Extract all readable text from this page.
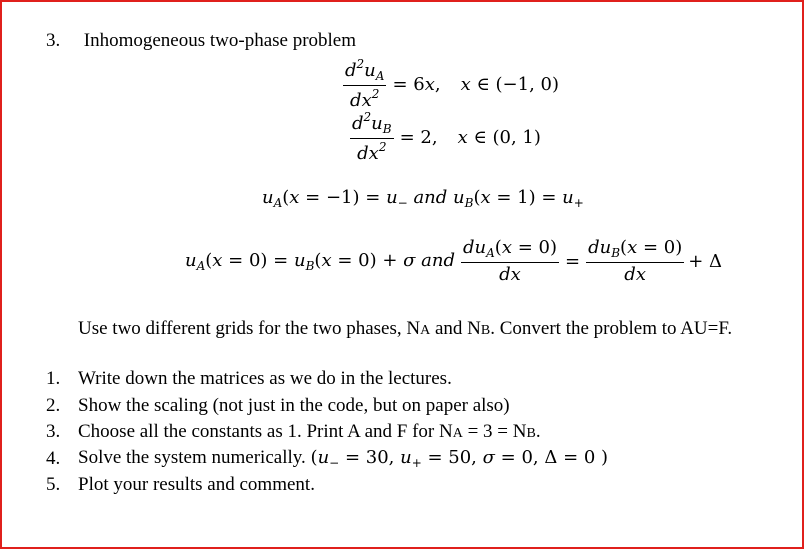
3. Inhomogeneous two-phase problem
$\frac{d^2u_A}{dx^2} = 6x$, x ∈ (−1, 0)
$\frac{d^2u_B}{dx^2} = 2$, x ∈ (0, 1)
$u_A(x = -1) = u_-$ and $u_B(x = 1) = u_+$
$u_A(x = 0) = u_B(x = 0) + \sigma$ and $\frac{du_A(x = 0)}{dx} = \frac{du_B(x = 0)}{dx} + \Delta$
Use two different grids for the two phases, NA and NB. Convert the problem to AU=F.
1. Write down the matrices as we do in the lectures.
2. Show the scaling (not just in the code, but on paper also)
3. Choose all the constants as 1. Print A and F for NA = 3 = NB.
4. Solve the system numerically. ($u_- = 30$, $u_+ = 50$, σ = 0, Δ = 0 )
5. Plot your results and comment.
